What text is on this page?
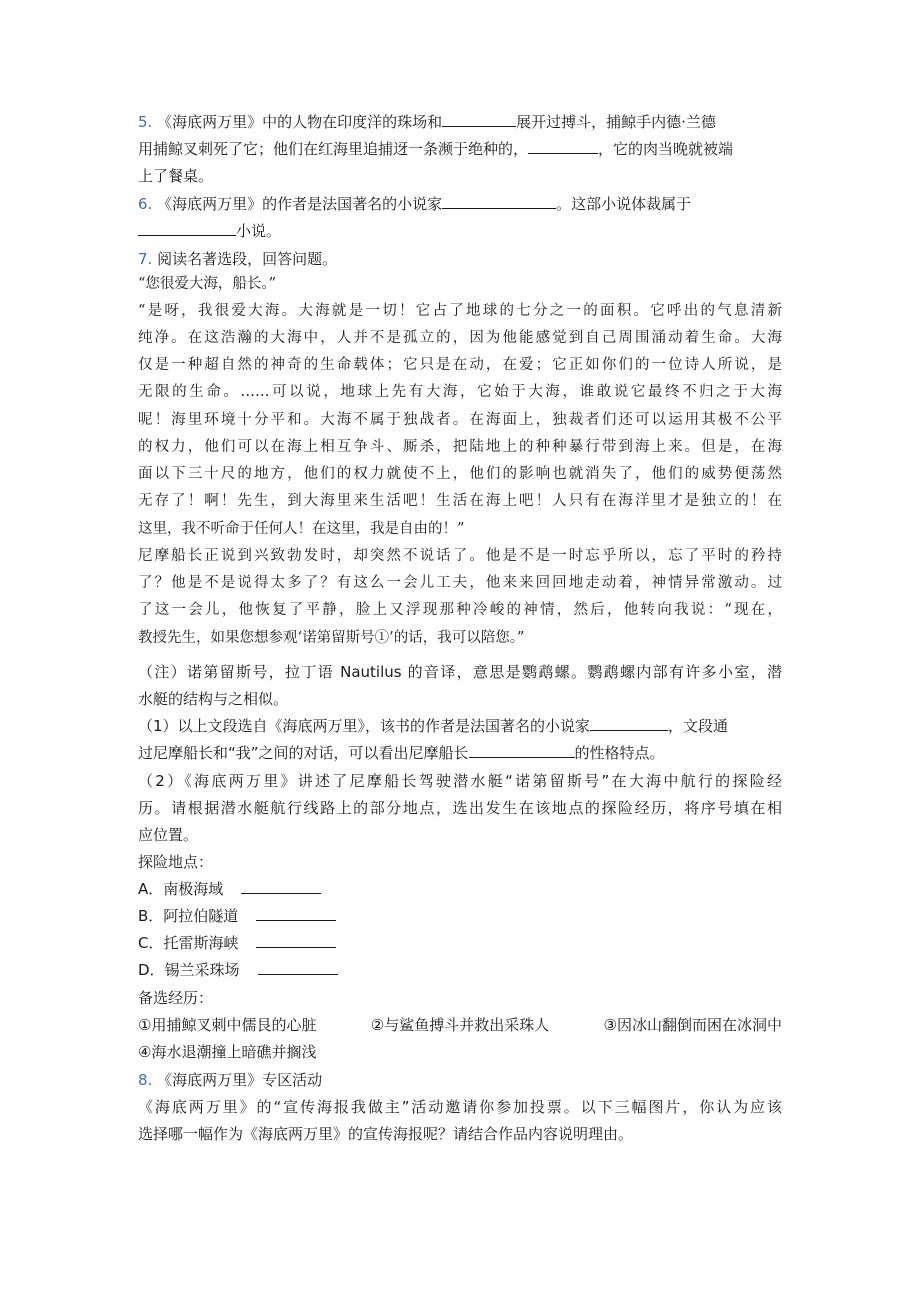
5. 《海底两万里》中的人物在印度洋的珠场和	展开过搏斗，捕鲸手内德·兰德
用捕鲸叉刺死了它；他们在红海里追捕迓一条濒于绝种的，	，它的肉当晚就被端
上了餐桌。
6. 《海底两万里》的作者是法国著名的小说家	。这部小说体裁属于
小说。
7. 阅读名著选段，回答问题。
“您很爱大海，船长。”
“是呀，我很爱大海。大海就是一切！它占了地球的七分之一的面积。它呼出的气息清新
纯净。在这浩瀚的大海中，人并不是孤立的，因为他能感觉到自己周围涌动着生命。大海
仅是一种超自然的神奇的生命载体；它只是在动，在爱；它正如你们的一位诗人所说，是
无限的生命。……可以说，地球上先有大海，它始于大海，谁敢说它最终不归之于大海
呢！海里环境十分平和。大海不属于独战者。在海面上，独裁者们还可以运用其极不公平
的权力，他们可以在海上相互争斗、厮杀，把陆地上的种种暴行带到海上来。但是，在海
面以下三十尺的地方，他们的权力就使不上，他们的影响也就消失了，他们的威势便荡然
无存了！啊！先生，到大海里来生活吧！生活在海上吧！人只有在海洋里才是独立的！在
这里，我不听命于任何人！在这里，我是自由的！”
尼摩船长正说到兴致勃发时，却突然不说话了。他是不是一时忘乎所以，忘了平时的矜持
了？他是不是说得太多了？有这么一会儿工夫，他来来回回地走动着，神情异常激动。过
了这一会儿，他恢复了平静，脸上又浮现那种冷峻的神情，然后，他转向我说：“现在，
教授先生，如果您想参观‘诺第留斯号①’的话，我可以陪您。”
（注）诺第留斯号，拉丁语 Nautilus 的音译，意思是鹦鹉螺。鹦鹉螺内部有许多小室，潜
水艇的结构与之相似。
（1）以上文段选自《海底两万里》，该书的作者是法国著名的小说家	，文段通
过尼摩船长和“我”之间的对话，可以看出尼摩船长	的性格特点。
（2）《海底两万里》讲述了尼摩船长驾驶潜水艇“诺第留斯号”在大海中航行的探险经
历。请根据潜水艇航行线路上的部分地点，选出发生在该地点的探险经历，将序号填在相
应位置。
探险地点：
A．南极海域
B．阿拉伯隧道
C．托雷斯海峡
D．锡兰采珠场
备选经历：
①用捕鲸叉刺中儒艮的心脏	②与鲨鱼搏斗并救出采珠人	③因冰山翻倒而困在冰洞中
④海水退潮撞上暗礁并搁浅
8. 《海底两万里》专区活动
《海底两万里》的“宣传海报我做主”活动邀请你参加投票。以下三幅图片，你认为应该
选择哪一幅作为《海底两万里》的宣传海报呢？请结合作品内容说明理由。
